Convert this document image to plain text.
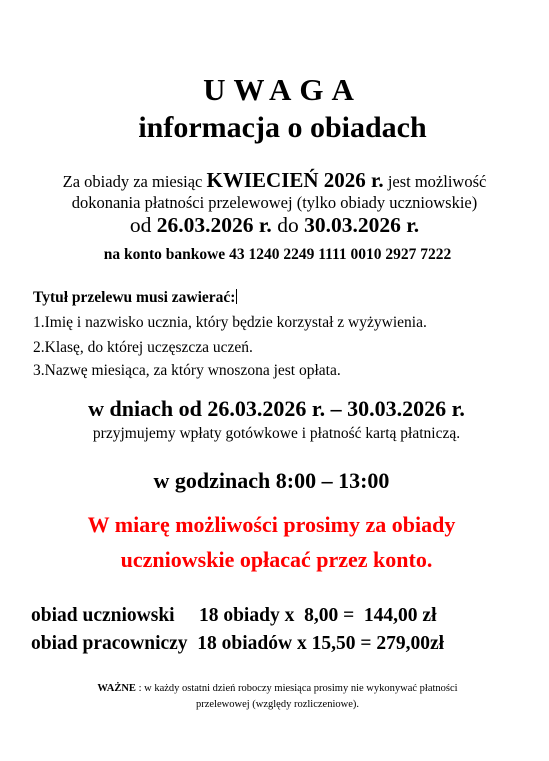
UWAGA
informacja o obiadach
Za obiady za miesiąc KWIECIEŃ 2026 r. jest możliwość
dokonania płatności przelewowej (tylko obiady uczniowskie)
od 26.03.2026 r. do 30.03.2026 r.
na konto bankowe 43 1240 2249 1111 0010 2927 7222
Tytuł przelewu musi zawierać:
1.Imię i nazwisko ucznia, który będzie korzystał z wyżywienia.
2.Klasę, do której uczęszcza uczeń.
3.Nazwę miesiąca, za który wnoszona jest opłata.
w dniach od 26.03.2026 r. – 30.03.2026 r.
przyjmujemy wpłaty gotówkowe i płatność kartą płatniczą.
w godzinach 8:00 – 13:00
W miarę możliwości prosimy za obiady
uczniowskie opłacać przez konto.
obiad uczniowski     18 obiady x  8,00 =  144,00 zł
obiad pracowniczy  18 obiadów x 15,50 = 279,00zł
WAŻNE : w każdy ostatni dzień roboczy miesiąca prosimy nie wykonywać płatności
przelewowej (względy rozliczeniowe).
